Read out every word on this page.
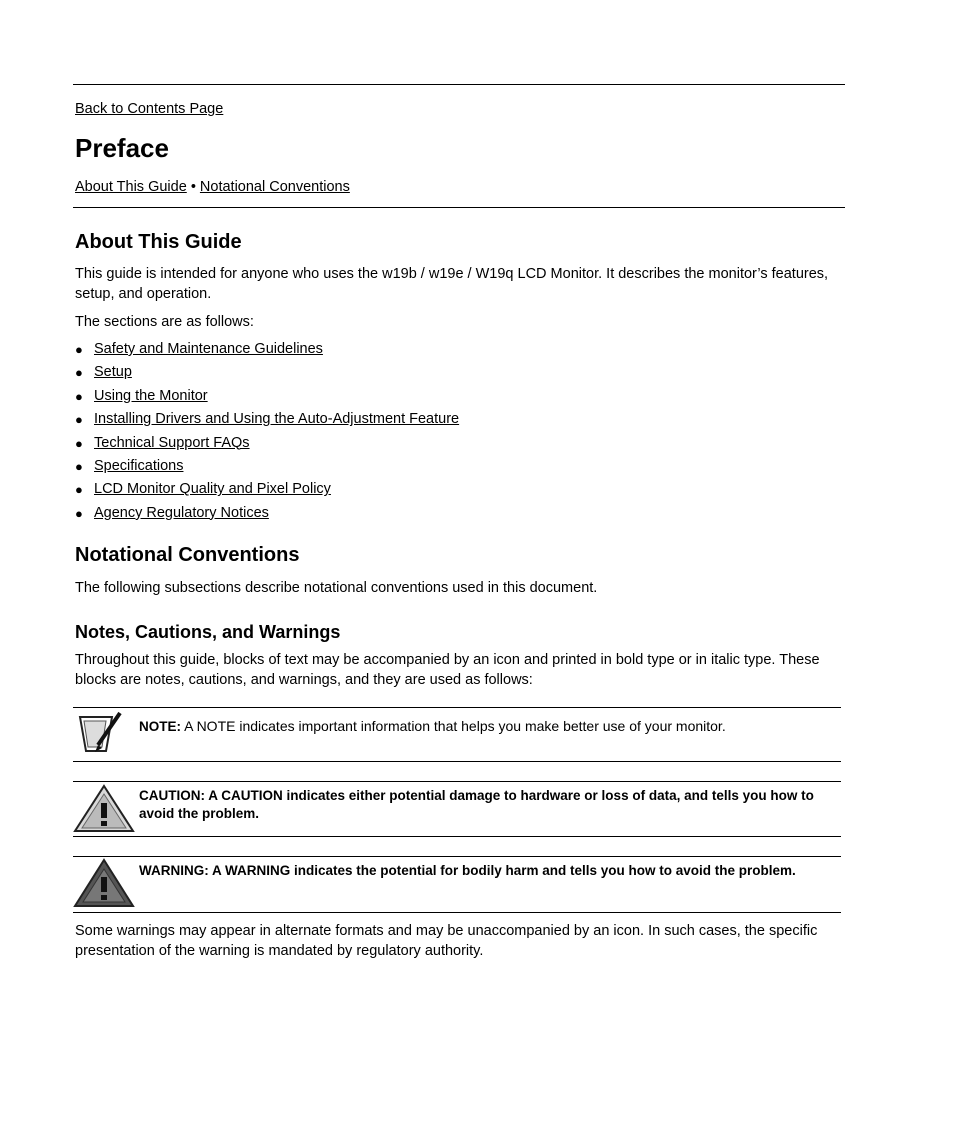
Back to Contents Page
Preface
About This Guide • Notational Conventions
About This Guide

This guide is intended for anyone who uses the w19b / w19e / W19q LCD Monitor. It describes the monitor’s features, setup, and operation.

The sections are as follows:

● Safety and Maintenance Guidelines
● Setup
● Using the Monitor
● Installing Drivers and Using the Auto-Adjustment Feature
● Technical Support FAQs
● Specifications
● LCD Monitor Quality and Pixel Policy
● Agency Regulatory Notices
Notational Conventions

The following subsections describe notational conventions used in this document.

Notes, Cautions, and Warnings

Throughout this guide, blocks of text may be accompanied by an icon and printed in bold type or in italic type. These blocks are notes, cautions, and warnings, and they are used as follows:

NOTE: A NOTE indicates important information that helps you make better use of your monitor.
CAUTION: A CAUTION indicates either potential damage to hardware or loss of data, and tells you how to avoid the problem.
WARNING: A WARNING indicates the potential for bodily harm and tells you how to avoid the problem.

Some warnings may appear in alternate formats and may be unaccompanied by an icon. In such cases, the specific presentation of the warning is mandated by regulatory authority.
